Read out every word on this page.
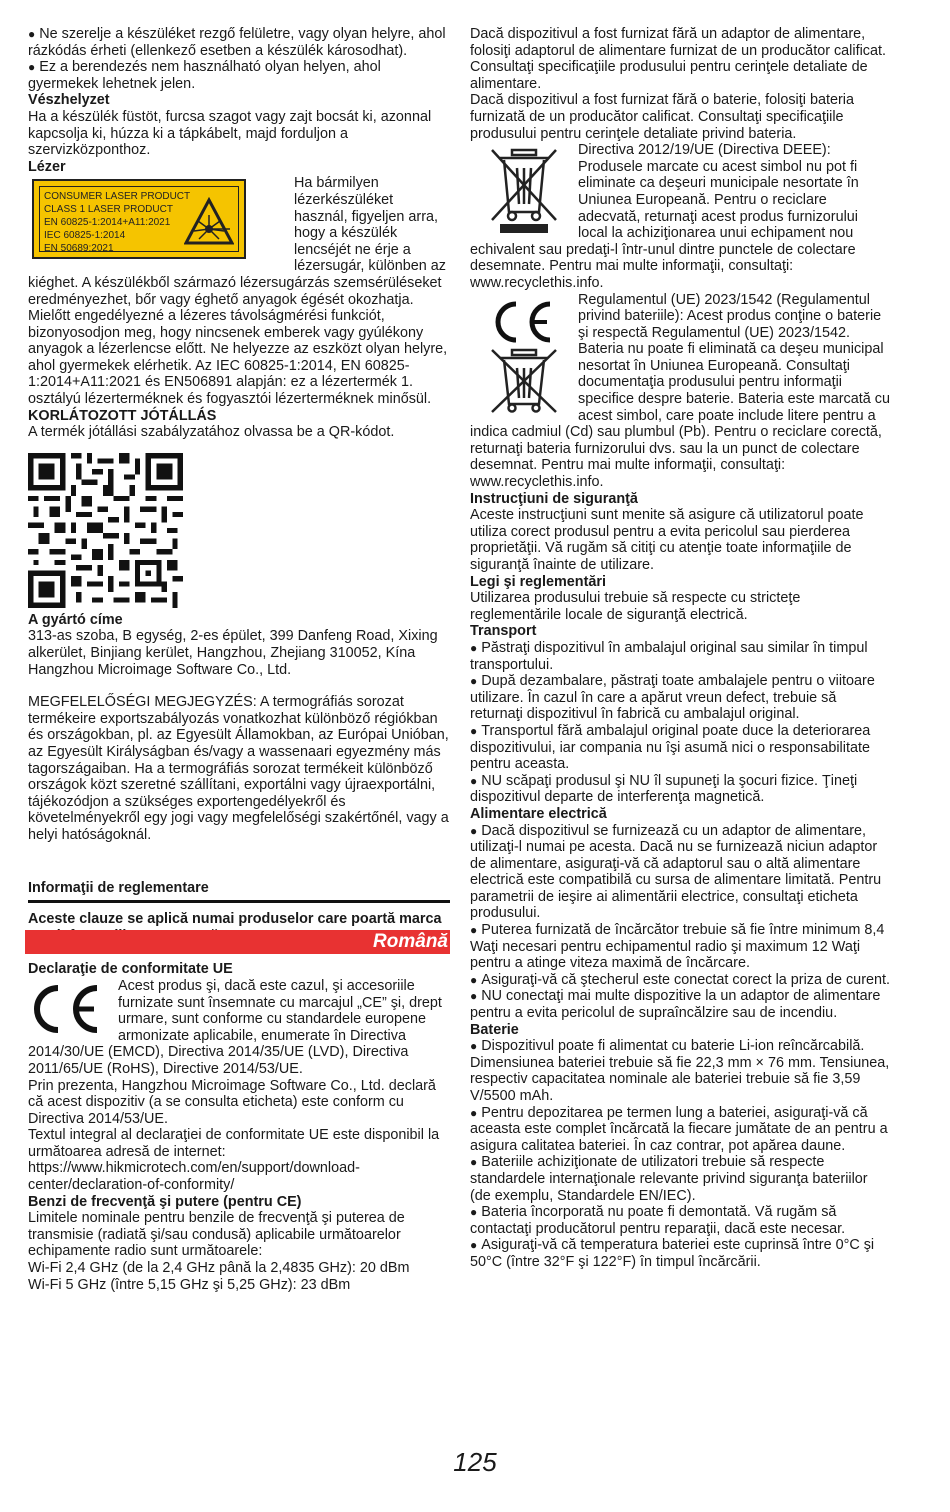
● Ne szerelje a készüléket rezgő felületre, vagy olyan helyre, ahol rázkódás érheti (ellenkező esetben a készülék károsodhat).

● Ez a berendezés nem használható olyan helyen, ahol gyermekek lehetnek jelen.

Vészhelyzet

Ha a készülék füstöt, furcsa szagot vagy zajt bocsát ki, azonnal kapcsolja ki, húzza ki a tápkábelt, majd forduljon a szervizközponthoz.

Lézer

CONSUMER LASER PRODUCT
CLASS 1 LASER PRODUCT
EN 60825-1:2014+A11:2021
IEC 60825-1:2014
EN 50689:2021

Ha bármilyen lézerkészüléket használ, figyeljen arra, hogy a készülék lencséjét ne érje a lézersugár, különben az kiéghet. A készülékből származó lézersugárzás szemsérüléseket eredményezhet, bőr vagy éghető anyagok égését okozhatja. Mielőtt engedélyezné a lézeres távolságmérési funkciót, bizonyosodjon meg, hogy nincsenek emberek vagy gyúlékony anyagok a lézerlencse előtt. Ne helyezze az eszközt olyan helyre, ahol gyermekek elérhetik. Az IEC 60825-1:2014, EN 60825-1:2014+A11:2021 és EN506891 alapján: ez a lézertermék 1. osztályú lézerterméknek és fogyasztói lézerterméknek minősül.

KORLÁTOZOTT JÓTÁLLÁS

A termék jótállási szabályzatához olvassa be a QR-kódot.

A gyártó címe

313-as szoba, B egység, 2-es épület, 399 Danfeng Road, Xixing alkerület, Binjiang kerület, Hangzhou, Zhejiang 310052, Kína

Hangzhou Microimage Software Co., Ltd.

MEGFELELŐSÉGI MEGJEGYZÉS: A termográfiás sorozat termékeire exportszabályozás vonatkozhat különböző régiókban és országokban, pl. az Egyesült Államokban, az Európai Unióban, az Egyesült Királyságban és/vagy a wassenaari egyezmény más tagországaiban. Ha a termográfiás sorozat termékeit különböző országok közt szeretné szállítani, exportálni vagy újraexportálni, tájékozódjon a szükséges exportengedélyekről és követelményekről egy jogi vagy megfelelőségi szakértőnél, vagy a helyi hatóságoknál.

Informaţii de reglementare

Aceste clauze se aplică numai produselor care poartă marca

Declaraţie de conformitate UE

Acest produs şi, dacă este cazul, şi accesoriile furnizate sunt însemnate cu marcajul „CE” şi, drept urmare, sunt conforme cu standardele europene armonizate aplicabile, enumerate în Directiva 2014/30/UE (EMCD), Directiva 2014/35/UE (LVD), Directiva 2011/65/UE (RoHS), Directive 2014/53/UE.

Prin prezenta, Hangzhou Microimage Software Co., Ltd. declară că acest dispozitiv (a se consulta eticheta) este conform cu Directiva 2014/53/UE.

Textul integral al declaraţiei de conformitate UE este disponibil la următoarea adresă de internet: https://www.hikmicrotech.com/en/support/download-center/declaration-of-conformity/

Benzi de frecvenţă şi putere (pentru CE)

Limitele nominale pentru benzile de frecvenţă şi puterea de transmisie (radiată şi/sau condusă) aplicabile următoarelor echipamente radio sunt următoarele:

Wi-Fi 2,4 GHz (de la 2,4 GHz până la 2,4835 GHz): 20 dBm

Wi-Fi 5 GHz (între 5,15 GHz şi 5,25 GHz): 23 dBm

Română

Dacă dispozitivul a fost furnizat fără un adaptor de alimentare, folosiţi adaptorul de alimentare furnizat de un producător calificat. Consultaţi specificaţiile produsului pentru cerinţele detaliate de alimentare.

Dacă dispozitivul a fost furnizat fără o baterie, folosiţi bateria furnizată de un producător calificat. Consultaţi specificaţiile produsului pentru cerinţele detaliate privind bateria.

Directiva 2012/19/UE (Directiva DEEE): Produsele marcate cu acest simbol nu pot fi eliminate ca deşeuri municipale nesortate în Uniunea Europeană. Pentru o reciclare adecvată, returnaţi acest produs furnizorului local la achiziţionarea unui echipament nou echivalent sau predaţi-l într-unul dintre punctele de colectare desemnate. Pentru mai multe informaţii, consultaţi: www.recyclethis.info.

Regulamentul (UE) 2023/1542 (Regulamentul privind bateriile): Acest produs conţine o baterie şi respectă Regulamentul (UE) 2023/1542. Bateria nu poate fi eliminată ca deşeu municipal nesortat în Uniunea Europeană. Consultaţi documentaţia produsului pentru informaţii specifice despre baterie. Bateria este marcată cu acest simbol, care poate include litere pentru a indica cadmiul (Cd) sau plumbul (Pb). Pentru o reciclare corectă, returnaţi bateria furnizorului dvs. sau la un punct de colectare desemnat. Pentru mai multe informaţii, consultaţi: www.recyclethis.info.

Instrucţiuni de siguranţă

Aceste instrucţiuni sunt menite să asigure că utilizatorul poate utiliza corect produsul pentru a evita pericolul sau pierderea proprietăţii. Vă rugăm să citiţi cu atenţie toate informaţiile de siguranţă înainte de utilizare.

Legi şi reglementări

Utilizarea produsului trebuie să respecte cu stricteţe reglementările locale de siguranţă electrică.

Transport

● Păstraţi dispozitivul în ambalajul original sau similar în timpul transportului.

● După dezambalare, păstraţi toate ambalajele pentru o viitoare utilizare. În cazul în care a apărut vreun defect, trebuie să returnaţi dispozitivul în fabrică cu ambalajul original.

● Transportul fără ambalajul original poate duce la deteriorarea dispozitivului, iar compania nu îşi asumă nici o responsabilitate pentru aceasta.

● NU scăpaţi produsul şi NU îl supuneţi la şocuri fizice. Ţineţi dispozitivul departe de interferenţa magnetică.

Alimentare electrică

● Dacă dispozitivul se furnizează cu un adaptor de alimentare, utilizaţi-l numai pe acesta. Dacă nu se furnizează niciun adaptor de alimentare, asiguraţi-vă că adaptorul sau o altă alimentare electrică este compatibilă cu sursa de alimentare limitată. Pentru parametrii de ieşire ai alimentării electrice, consultaţi eticheta produsului.

● Puterea furnizată de încărcător trebuie să fie între minimum 8,4 Waţi necesari pentru echipamentul radio şi maximum 12 Waţi pentru a atinge viteza maximă de încărcare.

● Asiguraţi-vă că ştecherul este conectat corect la priza de curent.

● NU conectaţi mai multe dispozitive la un adaptor de alimentare pentru a evita pericolul de supraîncălzire sau de incendiu.

Baterie

● Dispozitivul poate fi alimentat cu baterie Li-ion reîncărcabilă. Dimensiunea bateriei trebuie să fie 22,3 mm × 76 mm. Tensiunea, respectiv capacitatea nominale ale bateriei trebuie să fie 3,59 V/5500 mAh.

● Pentru depozitarea pe termen lung a bateriei, asiguraţi-vă că aceasta este complet încărcată la fiecare jumătate de an pentru a asigura calitatea bateriei. În caz contrar, pot apărea daune.

● Bateriile achiziţionate de utilizatori trebuie să respecte standardele internaţionale relevante privind siguranţa bateriilor (de exemplu, Standardele EN/IEC).

● Bateria încorporată nu poate fi demontată. Vă rugăm să contactaţi producătorul pentru reparaţii, dacă este necesar.

● Asiguraţi-vă că temperatura bateriei este cuprinsă între 0°C şi 50°C (între 32°F şi 122°F) în timpul încărcării.

125
